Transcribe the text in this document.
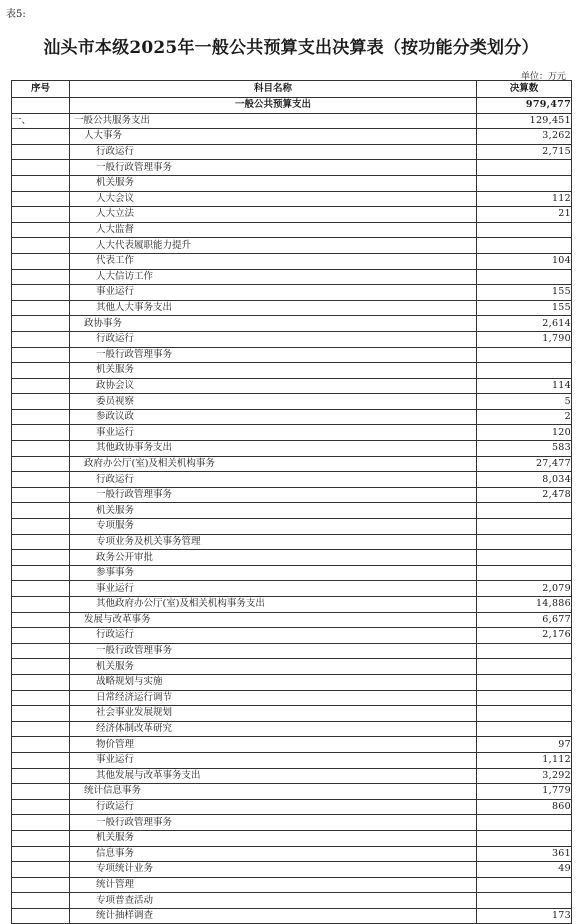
表5:
汕头市本级2025年一般公共预算支出决算表（按功能分类划分）
单位：万元
序号	科目名称	决算数
	一般公共预算支出	979,477
一、	一般公共服务支出	129,451
	人大事务	3,262
	行政运行	2,715
	一般行政管理事务	
	机关服务	
	人大会议	112
	人大立法	21
	人大监督	
	人大代表履职能力提升	
	代表工作	104
	人大信访工作	
	事业运行	155
	其他人大事务支出	155
	政协事务	2,614
	行政运行	1,790
	一般行政管理事务	
	机关服务	
	政协会议	114
	委员视察	5
	参政议政	2
	事业运行	120
	其他政协事务支出	583
	政府办公厅(室)及相关机构事务	27,477
	行政运行	8,034
	一般行政管理事务	2,478
	机关服务	
	专项服务	
	专项业务及机关事务管理	
	政务公开审批	
	参事事务	
	事业运行	2,079
	其他政府办公厅(室)及相关机构事务支出	14,886
	发展与改革事务	6,677
	行政运行	2,176
	一般行政管理事务	
	机关服务	
	战略规划与实施	
	日常经济运行调节	
	社会事业发展规划	
	经济体制改革研究	
	物价管理	97
	事业运行	1,112
	其他发展与改革事务支出	3,292
	统计信息事务	1,779
	行政运行	860
	一般行政管理事务	
	机关服务	
	信息事务	361
	专项统计业务	49
	统计管理	
	专项普查活动	
	统计抽样调查	173
